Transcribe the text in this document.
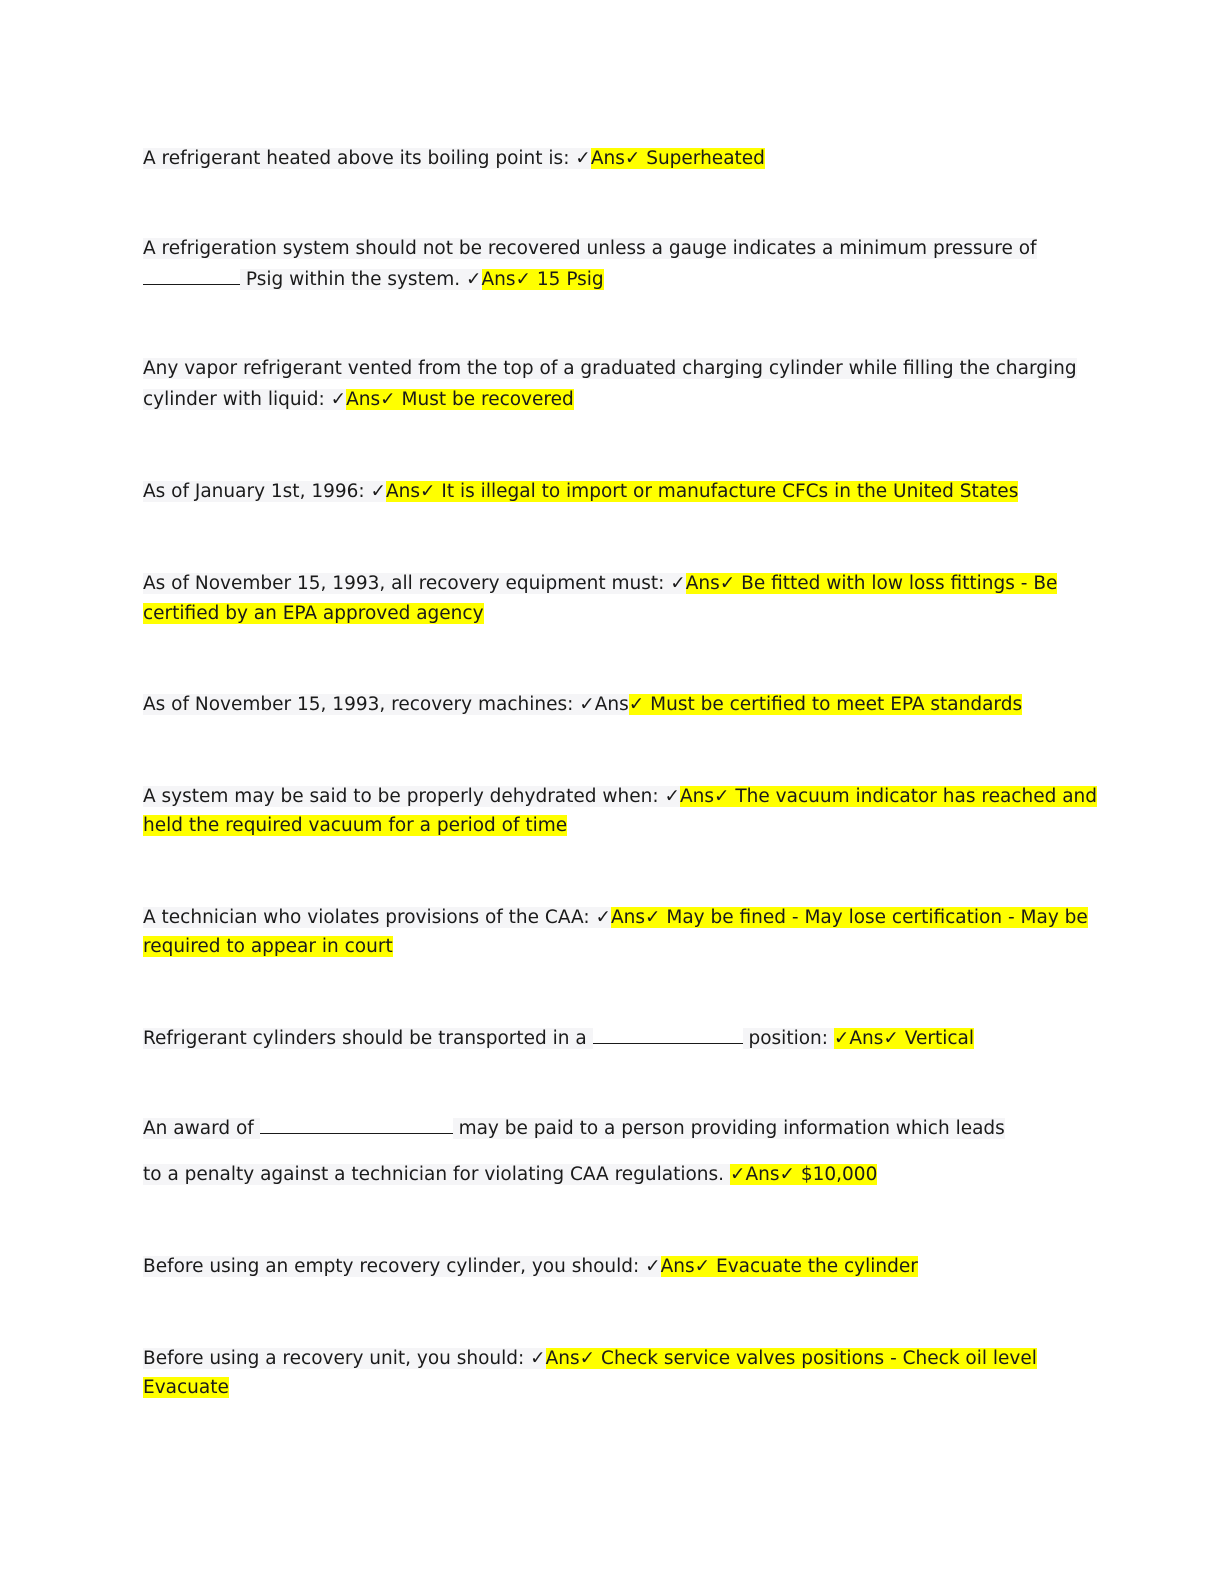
A refrigerant heated above its boiling point is: ✓Ans✓ Superheated
A refrigeration system should not be recovered unless a gauge indicates a minimum pressure of
Psig within the system. ✓Ans✓ 15 Psig
Any vapor refrigerant vented from the top of a graduated charging cylinder while filling the charging
cylinder with liquid: ✓Ans✓ Must be recovered
As of January 1st, 1996: ✓Ans✓ It is illegal to import or manufacture CFCs in the United States
As of November 15, 1993, all recovery equipment must: ✓Ans✓ Be fitted with low loss fittings - Be
certified by an EPA approved agency
As of November 15, 1993, recovery machines: ✓Ans✓ Must be certified to meet EPA standards
A system may be said to be properly dehydrated when: ✓Ans✓ The vacuum indicator has reached and
held the required vacuum for a period of time
A technician who violates provisions of the CAA: ✓Ans✓ May be fined - May lose certification - May be
required to appear in court
Refrigerant cylinders should be transported in a	position: ✓Ans✓ Vertical
An award of	may be paid to a person providing information which leads
to a penalty against a technician for violating CAA regulations. ✓Ans✓ $10,000
Before using an empty recovery cylinder, you should: ✓Ans✓ Evacuate the cylinder
Before using a recovery unit, you should: ✓Ans✓ Check service valves positions - Check oil level
Evacuate
